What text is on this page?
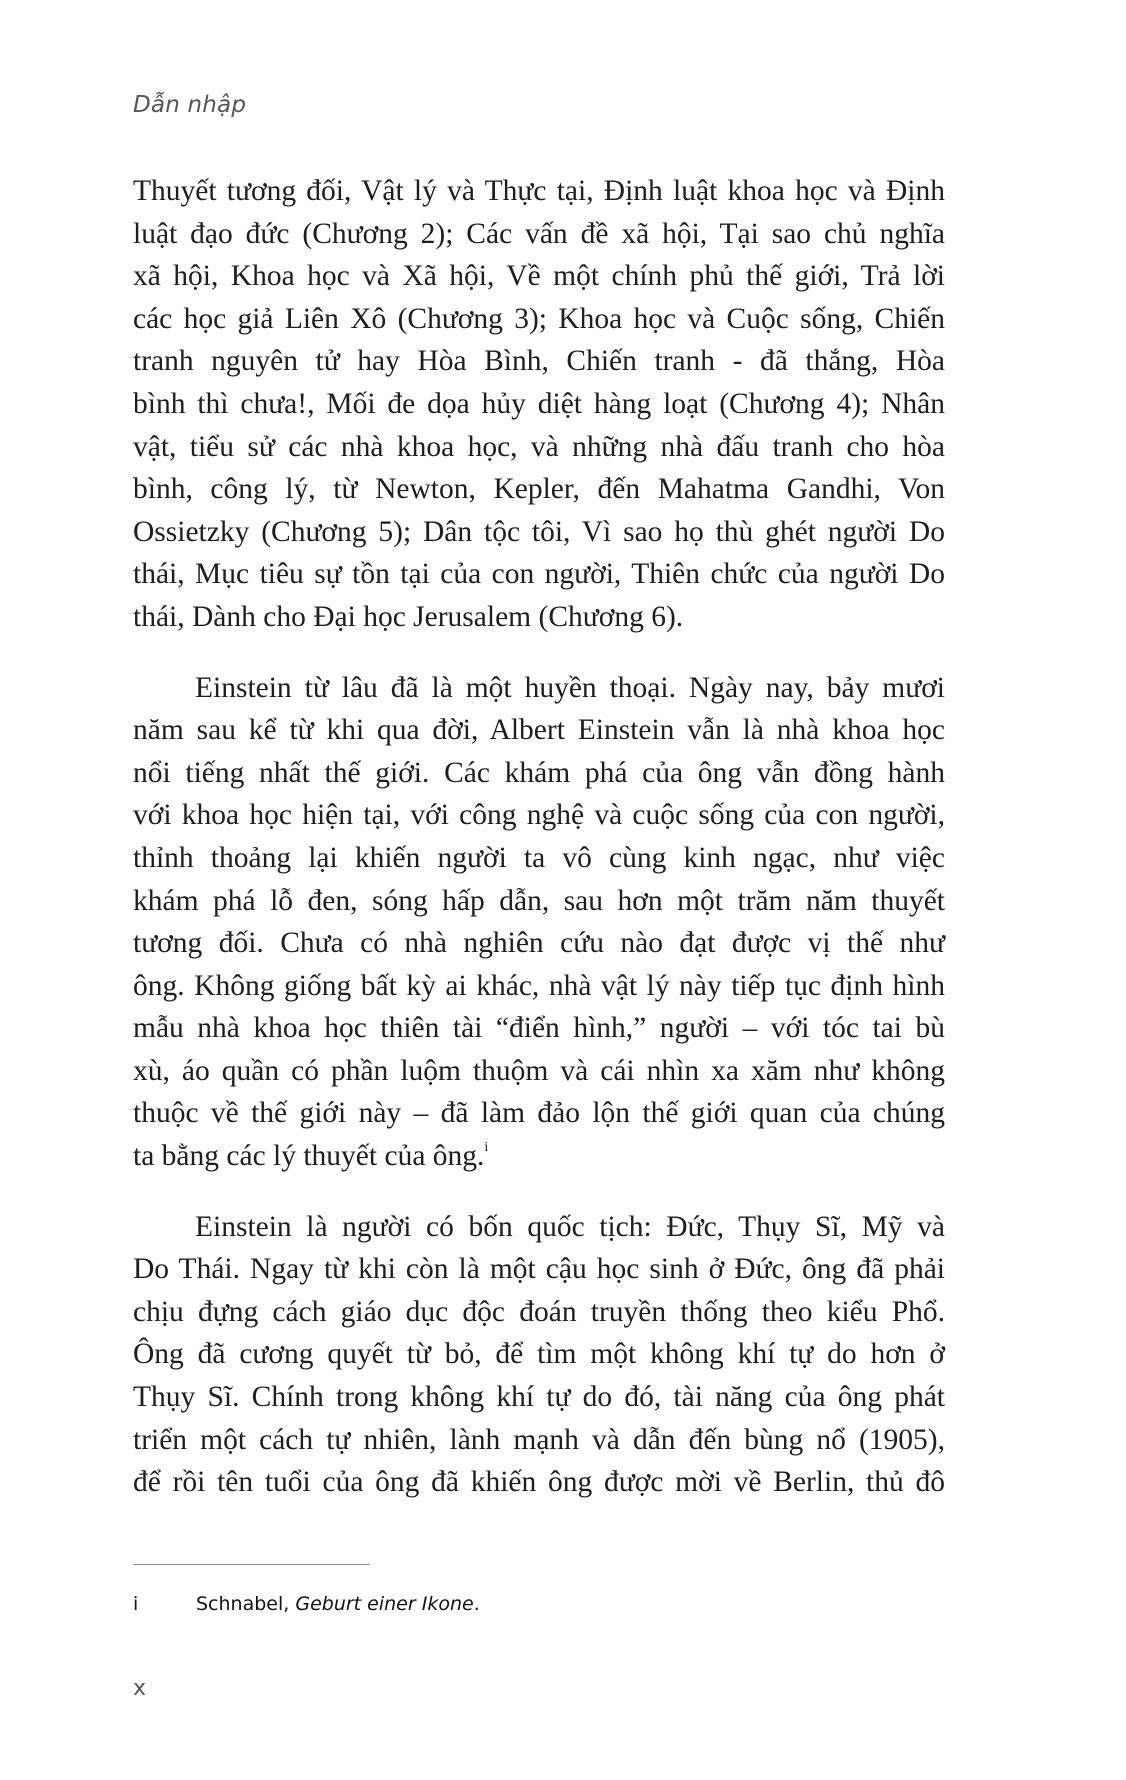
Dẫn nhập

Thuyết tương đối, Vật lý và Thực tại, Định luật khoa học và Định
luật đạo đức (Chương 2); Các vấn đề xã hội, Tại sao chủ nghĩa
xã hội, Khoa học và Xã hội, Về một chính phủ thế giới, Trả lời
các học giả Liên Xô (Chương 3); Khoa học và Cuộc sống, Chiến
tranh nguyên tử hay Hòa Bình, Chiến tranh - đã thắng, Hòa
bình thì chưa!, Mối đe dọa hủy diệt hàng loạt (Chương 4); Nhân
vật, tiểu sử các nhà khoa học, và những nhà đấu tranh cho hòa
bình, công lý, từ Newton, Kepler, đến Mahatma Gandhi, Von
Ossietzky (Chương 5); Dân tộc tôi, Vì sao họ thù ghét người Do
thái, Mục tiêu sự tồn tại của con người, Thiên chức của người Do
thái, Dành cho Đại học Jerusalem (Chương 6).

Einstein từ lâu đã là một huyền thoại. Ngày nay, bảy mươi
năm sau kể từ khi qua đời, Albert Einstein vẫn là nhà khoa học
nổi tiếng nhất thế giới. Các khám phá của ông vẫn đồng hành
với khoa học hiện tại, với công nghệ và cuộc sống của con người,
thỉnh thoảng lại khiến người ta vô cùng kinh ngạc, như việc
khám phá lỗ đen, sóng hấp dẫn, sau hơn một trăm năm thuyết
tương đối. Chưa có nhà nghiên cứu nào đạt được vị thế như
ông. Không giống bất kỳ ai khác, nhà vật lý này tiếp tục định hình
mẫu nhà khoa học thiên tài “điển hình,” người – với tóc tai bù
xù, áo quần có phần luộm thuộm và cái nhìn xa xăm như không
thuộc về thế giới này – đã làm đảo lộn thế giới quan của chúng
ta bằng các lý thuyết của ông.$^i$

Einstein là người có bốn quốc tịch: Đức, Thụy Sĩ, Mỹ và
Do Thái. Ngay từ khi còn là một cậu học sinh ở Đức, ông đã phải
chịu đựng cách giáo dục độc đoán truyền thống theo kiểu Phổ.
Ông đã cương quyết từ bỏ, để tìm một không khí tự do hơn ở
Thụy Sĩ. Chính trong không khí tự do đó, tài năng của ông phát
triển một cách tự nhiên, lành mạnh và dẫn đến bùng nổ (1905),
để rồi tên tuổi của ông đã khiến ông được mời về Berlin, thủ đô

i	Schnabel, Geburt einer Ikone.
x
